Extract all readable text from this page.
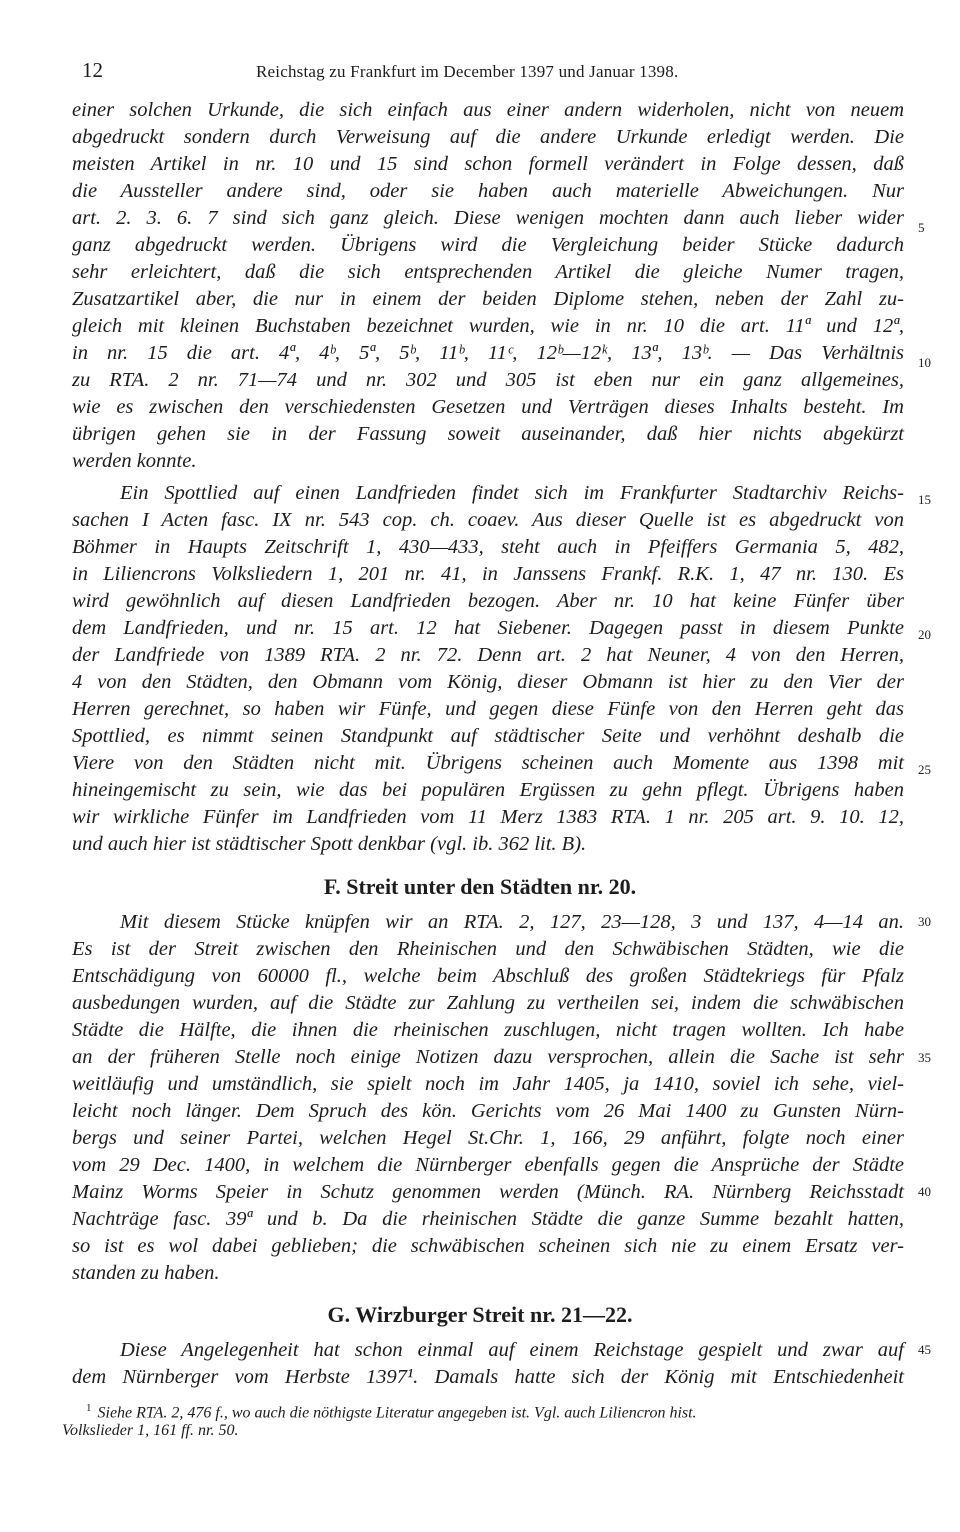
12	Reichstag zu Frankfurt im December 1397 und Januar 1398.
einer solchen Urkunde, die sich einfach aus einer andern widerholen, nicht von neuem
abgedruckt sondern durch Verweisung auf die andere Urkunde erledigt werden. Die
meisten Artikel in nr. 10 und 15 sind schon formell verändert in Folge dessen, daß
die Aussteller andere sind, oder sie haben auch materielle Abweichungen. Nur
art. 2. 3. 6. 7 sind sich ganz gleich. Diese wenigen mochten dann auch lieber wider
ganz abgedruckt werden. Übrigens wird die Vergleichung beider Stücke dadurch
sehr erleichtert, daß die sich entsprechenden Artikel die gleiche Numer tragen,
Zusatzartikel aber, die nur in einem der beiden Diplome stehen, neben der Zahl zu-
gleich mit kleinen Buchstaben bezeichnet wurden, wie in nr. 10 die art. 11ª und 12ª,
in nr. 15 die art. 4ª, 4ᵇ, 5ª, 5ᵇ, 11ᵇ, 11ᶜ, 12ᵇ—12ᵏ, 13ª, 13ᵇ. — Das Verhältnis
zu RTA. 2 nr. 71—74 und nr. 302 und 305 ist eben nur ein ganz allgemeines,
wie es zwischen den verschiedensten Gesetzen und Verträgen dieses Inhalts besteht. Im
übrigen gehen sie in der Fassung soweit auseinander, daß hier nichts abgekürzt
werden konnte.
Ein Spottlied auf einen Landfrieden findet sich im Frankfurter Stadtarchiv Reichs-
sachen I Acten fasc. IX nr. 543 cop. ch. coaev. Aus dieser Quelle ist es abgedruckt von
Böhmer in Haupts Zeitschrift 1, 430—433, steht auch in Pfeiffers Germania 5, 482,
in Liliencrons Volksliedern 1, 201 nr. 41, in Janssens Frankf. R.K. 1, 47 nr. 130. Es
wird gewöhnlich auf diesen Landfrieden bezogen. Aber nr. 10 hat keine Fünfer über
dem Landfrieden, und nr. 15 art. 12 hat Siebener. Dagegen passt in diesem Punkte
der Landfriede von 1389 RTA. 2 nr. 72. Denn art. 2 hat Neuner, 4 von den Herren,
4 von den Städten, den Obmann vom König, dieser Obmann ist hier zu den Vier der
Herren gerechnet, so haben wir Fünfe, und gegen diese Fünfe von den Herren geht das
Spottlied, es nimmt seinen Standpunkt auf städtischer Seite und verhöhnt deshalb die
Viere von den Städten nicht mit. Übrigens scheinen auch Momente aus 1398 mit
hineingemischt zu sein, wie das bei populären Ergüssen zu gehn pflegt. Übrigens haben
wir wirkliche Fünfer im Landfrieden vom 11 Merz 1383 RTA. 1 nr. 205 art. 9. 10. 12,
und auch hier ist städtischer Spott denkbar (vgl. ib. 362 lit. B).
F. Streit unter den Städten nr. 20.
Mit diesem Stücke knüpfen wir an RTA. 2, 127, 23—128, 3 und 137, 4—14 an.
Es ist der Streit zwischen den Rheinischen und den Schwäbischen Städten, wie die
Entschädigung von 60000 fl., welche beim Abschluß des großen Städtekriegs für Pfalz
ausbedungen wurden, auf die Städte zur Zahlung zu vertheilen sei, indem die schwäbischen
Städte die Hälfte, die ihnen die rheinischen zuschlugen, nicht tragen wollten. Ich habe
an der früheren Stelle noch einige Notizen dazu versprochen, allein die Sache ist sehr
weitläufig und umständlich, sie spielt noch im Jahr 1405, ja 1410, soviel ich sehe, viel-
leicht noch länger. Dem Spruch des kön. Gerichts vom 26 Mai 1400 zu Gunsten Nürn-
bergs und seiner Partei, welchen Hegel St.Chr. 1, 166, 29 anführt, folgte noch einer
vom 29 Dec. 1400, in welchem die Nürnberger ebenfalls gegen die Ansprüche der Städte
Mainz Worms Speier in Schutz genommen werden (Münch. RA. Nürnberg Reichsstadt
Nachträge fasc. 39ª und b. Da die rheinischen Städte die ganze Summe bezahlt hatten,
so ist es wol dabei geblieben; die schwäbischen scheinen sich nie zu einem Ersatz ver-
standen zu haben.
G. Wirzburger Streit nr. 21—22.
Diese Angelegenheit hat schon einmal auf einem Reichstage gespielt und zwar auf
dem Nürnberger vom Herbste 1397¹. Damals hatte sich der König mit Entschiedenheit
5
10
15
20
25
30
35
40
45
$^1$ Siehe RTA. 2, 476 f., wo auch die nöthigste Literatur angegeben ist. Vgl. auch Liliencron hist.
Volkslieder 1, 161 ff. nr. 50.
